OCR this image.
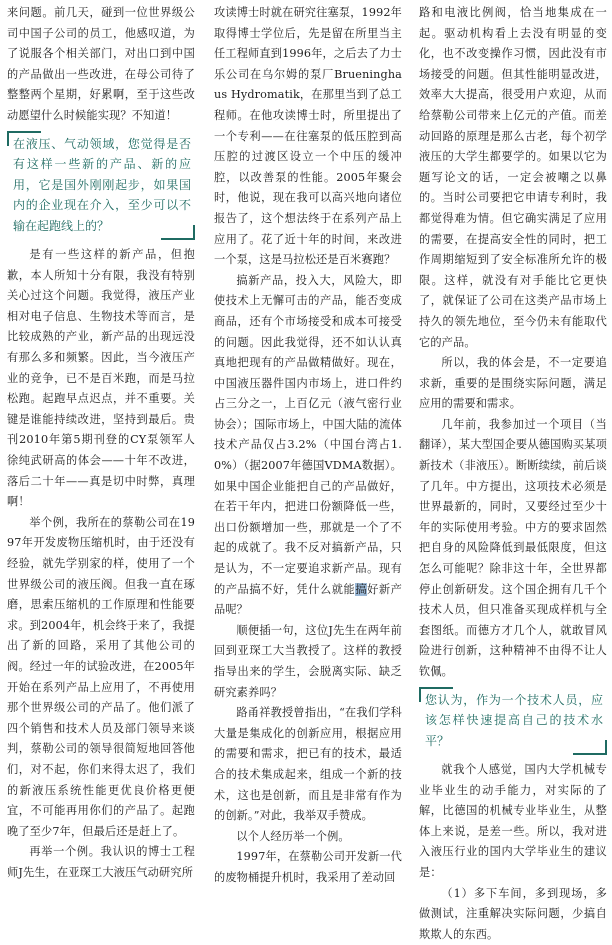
来问题。前几天，碰到一位世界级公司中国子公司的员工，他感叹道，为了说服各个相关部门，对出口到中国的产品做出一些改进，在母公司待了整整两个星期，好累啊，至于这些改动愿望什么时候能实现？不知道！

在液压、气动领域，您觉得是否有这样一些新的产品、新的应用，它是国外刚刚起步，如果国内的企业现在介入，至少可以不输在起跑线上的？

是有一些这样的新产品，但抱歉，本人所知十分有限，我没有特别关心过这个问题。我觉得，液压产业相对电子信息、生物技术等而言，是比较成熟的产业，新产品的出现远没有那么多和频繁。因此，当今液压产业的竞争，已不是百米跑，而是马拉松跑。起跑早点迟点，并不重要。关键是谁能持续改进，坚持到最后。贵刊2010年第5期刊登的CY泵领军人徐纯武研高的体会——十年不改进，落后二十年——真是切中时弊，真理啊！

举个例，我所在的蔡勒公司在1997年开发废物压缩机时，由于还没有经验，就先学别家的样，使用了一个世界级公司的液压阀。但我一直在琢磨，思索压缩机的工作原理和性能要求。到2004年，机会终于来了，我提出了新的回路，采用了其他公司的阀。经过一年的试验改进，在2005年开始在系列产品上应用了，不再使用那个世界级公司的产品了。他们派了四个销售和技术人员及部门领导来谈判，蔡勒公司的领导很简短地回答他们，对不起，你们来得太迟了，我们的新液压系统性能更优良价格更便宜，不可能再用你们的产品了。起跑晚了至少7年，但最后还是赶上了。

再举一个例。我认识的博士工程师J先生，在亚琛工大液压气动研究所

攻读博士时就在研究往塞泵，1992年取得博士学位后，先是留在所里当主任工程师直到1996年，之后去了力士乐公司在乌尔姆的泵厂Brueninghaus Hydromatik，在那里当到了总工程师。在他攻读博士时，所里提出了一个专利——在往塞泵的低压腔到高压腔的过渡区设立一个中压的缓冲腔，以改善泵的性能。2005年聚会时，他说，现在我可以高兴地向诸位报告了，这个想法终于在系列产品上应用了。花了近十年的时间，来改进一个泵，这是马拉松还是百米赛跑？

搞新产品，投入大，风险大，即使技术上无懈可击的产品，能否变成商品，还有个市场接受和成本可接受的问题。因此我觉得，还不如认认真真地把现有的产品做精做好。现在，中国液压器件国内市场上，进口件约占三分之一，上百亿元（液气密行业协会）；国际市场上，中国大陆的流体技术产品仅占3.2%（中国台湾占1.0%）（据2007年德国VDMA数据）。如果中国企业能把自己的产品做好，在若干年内，把进口份额降低一些，出口份额增加一些，那就是一个了不起的成就了。我不反对搞新产品，只是认为，不一定要追求新产品。现有的产品搞不好，凭什么就能搞好新产品呢？

顺便插一句，这位J先生在两年前回到亚琛工大当教授了。这样的教授指导出来的学生，会脱离实际、缺乏研究素养吗？

路甬祥教授曾指出，“在我们学科大量是集成化的创新应用，根据应用的需要和需求，把已有的技术，最适合的技术集成起来，组成一个新的技术，这也是创新，而且是非常有作为的创新。”对此，我举双手赞成。

以个人经历举一个例。

1997年，在蔡勒公司开发新一代的废物桶提升机时，我采用了差动回

路和电液比例阀，恰当地集成在一起。驱动机构看上去没有明显的变化，也不改变操作习惯，因此没有市场接受的问题。但其性能明显改进，效率大大提高，很受用户欢迎，从而给蔡勒公司带来上亿元的产值。而差动回路的原理是那么古老，每个初学液压的大学生都要学的。如果以它为题写论文的话，一定会被嘲之以鼻的。当时公司要把它申请专利时，我都觉得难为情。但它确实满足了应用的需要，在提高安全性的同时，把工作周期缩短到了安全标准所允许的极限。这样，就没有对手能比它更快了，就保证了公司在这类产品市场上持久的领先地位，至今仍未有能取代它的产品。

所以，我的体会是，不一定要追求新，重要的是围绕实际问题，满足应用的需要和需求。

几年前，我参加过一个项目（当翻译），某大型国企要从德国购买某项新技术（非液压）。断断续续，前后谈了几年。中方提出，这项技术必须是世界最新的，同时，又要经过至少十年的实际使用考验。中方的要求固然把自身的风险降低到最低限度，但这怎么可能呢？除非这十年，全世界都停止创新研发。这个国企拥有几千个技术人员，但只准备买现成样机与全套图纸。而德方才几个人，就敢冒风险进行创新，这种精神不由得不让人钦佩。

您认为，作为一个技术人员，应该怎样快速提高自己的技术水平？

就我个人感觉，国内大学机械专业毕业生的动手能力，对实际的了解，比德国的机械专业毕业生，从整体上来说，是差一些。所以，我对进入液压行业的国内大学毕业生的建议是：

（1）多下车间，多到现场，多做测试，注重解决实际问题，少搞自欺欺人的东西。
